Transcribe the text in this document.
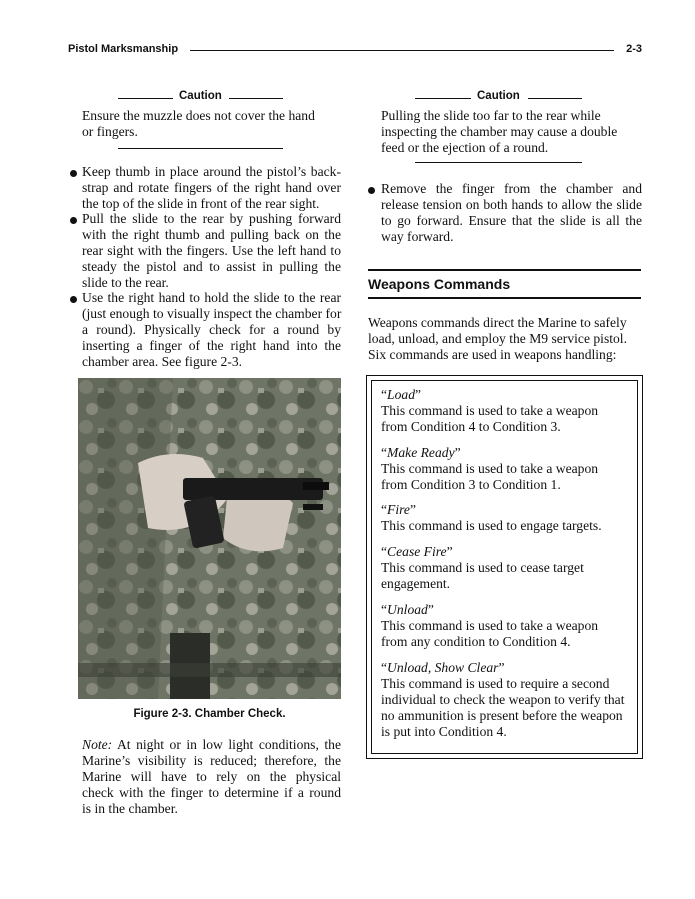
Pistol Marksmanship	2-3
Caution
Ensure the muzzle does not cover the hand
or fingers.
Keep thumb in place around the pistol’s back-
strap and rotate fingers of the right hand over
the top of the slide in front of the rear sight.
Pull the slide to the rear by pushing forward
with the right thumb and pulling back on the
rear sight with the fingers. Use the left hand to
steady the pistol and to assist in pulling the
slide to the rear.
Use the right hand to hold the slide to the rear
(just enough to visually inspect the chamber for
a round). Physically check for a round by
inserting a finger of the right hand into the
chamber area. See figure 2-3.
Figure 2-3. Chamber Check.
Note: At night or in low light conditions, the
Marine’s visibility is reduced; therefore, the
Marine will have to rely on the physical
check with the finger to determine if a round
is in the chamber.
Caution
Pulling the slide too far to the rear while
inspecting the chamber may cause a double
feed or the ejection of a round.
Remove the finger from the chamber and
release tension on both hands to allow the slide
to go forward. Ensure that the slide is all the
way forward.
Weapons Commands
Weapons commands direct the Marine to safely
load, unload, and employ the M9 service pistol.
Six commands are used in weapons handling:
“Load”
This command is used to take a weapon
from Condition 4 to Condition 3.
“Make Ready”
This command is used to take a weapon
from Condition 3 to Condition 1.
“Fire”
This command is used to engage targets.
“Cease Fire”
This command is used to cease target
engagement.
“Unload”
This command is used to take a weapon
from any condition to Condition 4.
“Unload, Show Clear”
This command is used to require a second
individual to check the weapon to verify that
no ammunition is present before the weapon
is put into Condition 4.
